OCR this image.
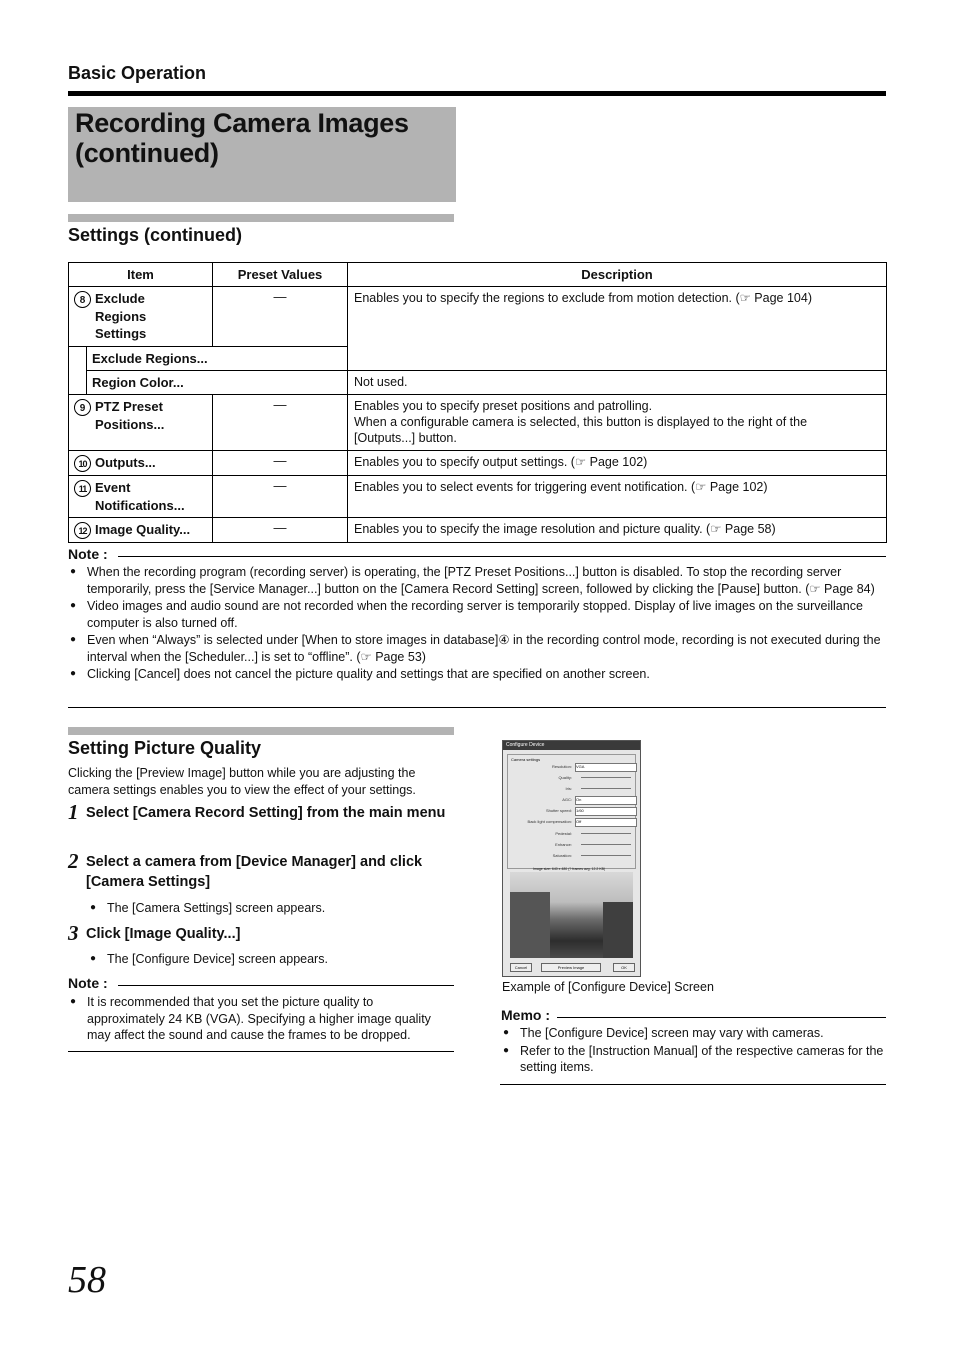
Basic Operation
Recording Camera Images
(continued)
Settings (continued)
Item		Preset Values	Description
8 Exclude
Regions
Settings		—	Enables you to specify the regions to exclude from motion detection. (☞ Page 104)
	Exclude Regions...		
	Region Color...		Not used.
9 PTZ Preset
Positions...		—	Enables you to specify preset positions and patrolling.
When a configurable camera is selected, this button is displayed to the right of the
[Outputs...] button.
10 Outputs...		—	Enables you to specify output settings. (☞ Page 102)
11 Event
Notifications...		—	Enables you to select events for triggering event notification. (☞ Page 102)
12 Image Quality...		—	Enables you to specify the image resolution and picture quality. (☞ Page 58)
Note :
● When the recording program (recording server) is operating, the [PTZ Preset Positions...] button is disabled. To stop the recording server temporarily, press the [Service Manager...] button on the [Camera Record Setting] screen, followed by clicking the [Pause] button. (☞ Page 84)
● Video images and audio sound are not recorded when the recording server is temporarily stopped. Display of live images on the surveillance computer is also turned off.
● Even when “Always” is selected under [When to store images in database]④ in the recording control mode, recording is not executed during the interval when the [Scheduler...] is set to “offline”. (☞ Page 53)
● Clicking [Cancel] does not cancel the picture quality and settings that are specified on another screen.
Setting Picture Quality
Clicking the [Preview Image] button while you are adjusting the camera settings enables you to view the effect of your settings.
1 Select [Camera Record Setting] from the main menu
2 Select a camera from [Device Manager] and click [Camera Settings]
● The [Camera Settings] screen appears.
3 Click [Image Quality...]
● The [Configure Device] screen appears.
Note :
● It is recommended that you set the picture quality to approximately 24 KB (VGA). Specifying a higher image quality may affect the sound and cause the frames to be dropped.
Configure Device
Camera settings
Resolution: VGA
Quality:
Iris:
AGC: On
Shutter speed: 1/60
Back light compensation: Off
Pedestal:
Enhance:
Saturation:
Image size: 640 x 480 (? frames avg. 12.2 KB)
Cancel	Preview Image	OK
Example of [Configure Device] Screen
Memo :
● The [Configure Device] screen may vary with cameras.
● Refer to the [Instruction Manual] of the respective cameras for the setting items.
58
